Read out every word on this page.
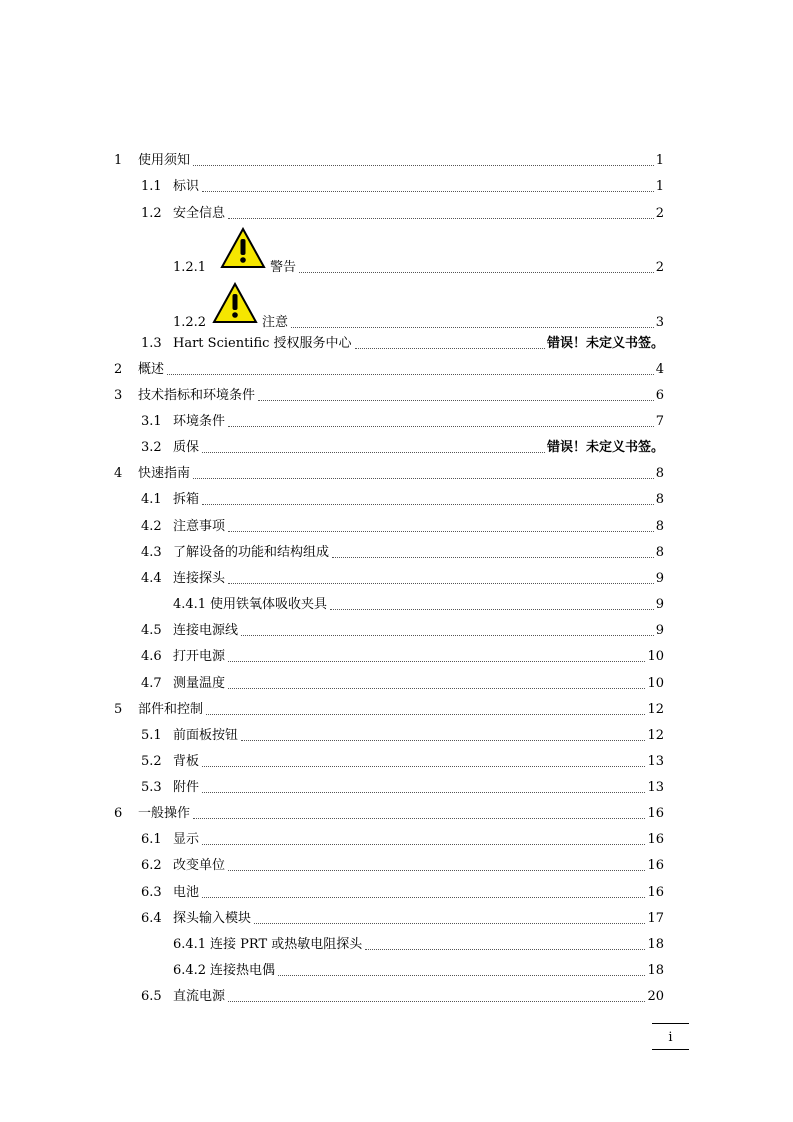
1 使用须知	1
1.1 标识	1
1.2 安全信息	2
1.2.1	警告	2
1.2.2	注意	3
1.3 Hart Scientific 授权服务中心	错误！未定义书签。
2 概述	4
3 技术指标和环境条件	6
3.1 环境条件	7
3.2 质保	错误！未定义书签。
4 快速指南	8
4.1 拆箱	8
4.2 注意事项	8
4.3 了解设备的功能和结构组成	8
4.4 连接探头	9
4.4.1 使用铁氧体吸收夹具	9
4.5 连接电源线	9
4.6 打开电源	10
4.7 测量温度	10
5 部件和控制	12
5.1 前面板按钮	12
5.2 背板	13
5.3 附件	13
6 一般操作	16
6.1 显示	16
6.2 改变单位	16
6.3 电池	16
6.4 探头输入模块	17
6.4.1 连接 PRT 或热敏电阻探头	18
6.4.2 连接热电偶	18
6.5 直流电源	20
i
